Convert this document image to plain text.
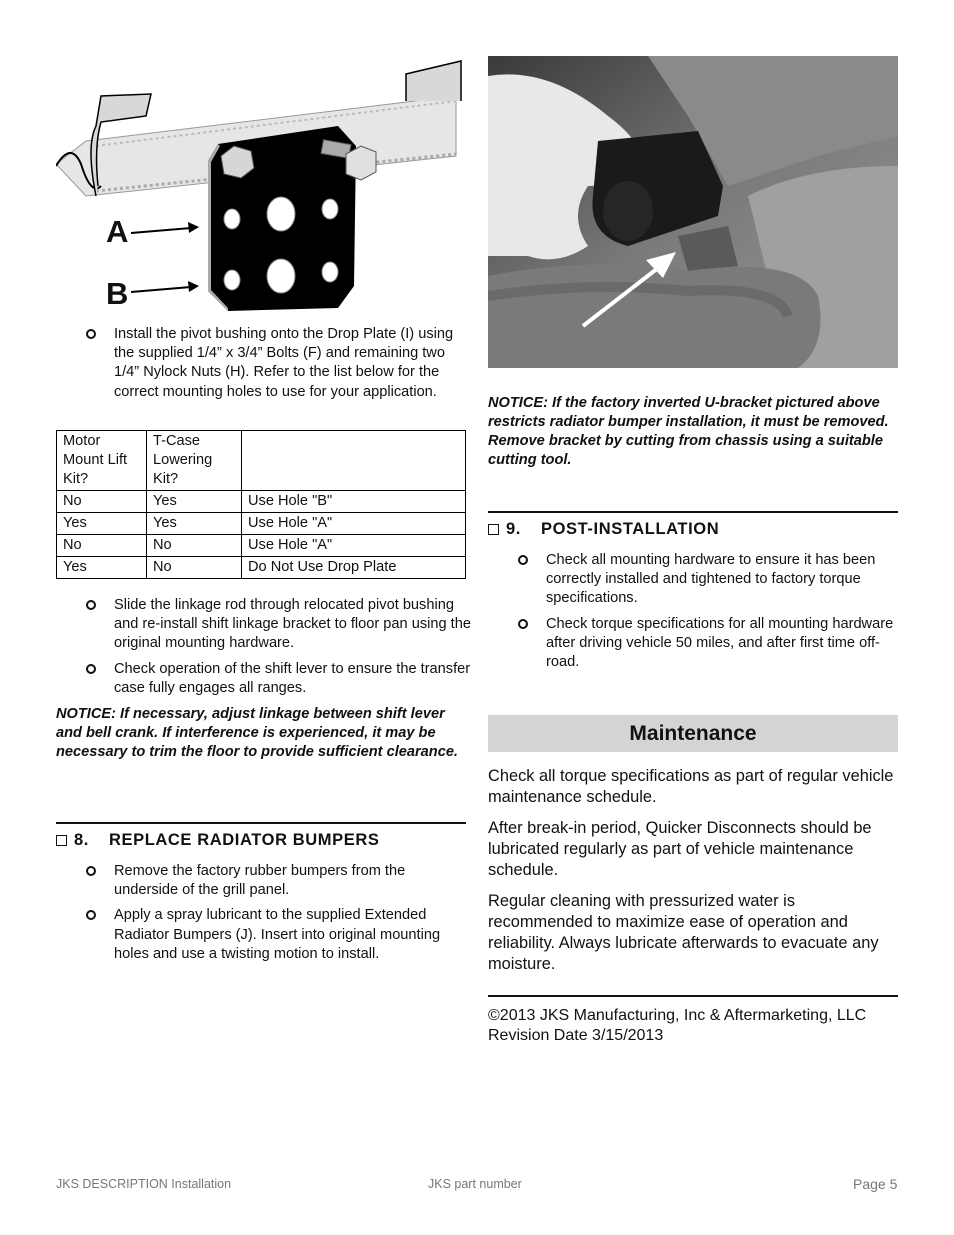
A
B
Install the pivot bushing onto the Drop Plate (I) using the supplied 1/4” x 3/4” Bolts (F) and remaining two 1/4” Nylock Nuts (H). Refer to the list below for the correct mounting holes to use for your application.
Motor Mount Lift Kit?	T-Case Lowering Kit?	
No	Yes	Use Hole "B"
Yes	Yes	Use Hole "A"
No	No	Use Hole "A"
Yes	No	Do Not Use Drop Plate
Slide the linkage rod through relocated pivot bushing and re-install shift linkage bracket to floor pan using the original mounting hardware.
Check operation of the shift lever to ensure the transfer case fully engages all ranges.
NOTICE: If necessary, adjust linkage between shift lever and bell crank. If interference is experienced, it may be necessary to trim the floor to provide sufficient clearance.
8.	REPLACE RADIATOR BUMPERS
Remove the factory rubber bumpers from the underside of the grill panel.
Apply a spray lubricant to the supplied Extended Radiator Bumpers (J). Insert into original mounting holes and use a twisting motion to install.
NOTICE: If the factory inverted U-bracket pictured above restricts radiator bumper installation, it must be removed. Remove bracket by cutting from chassis using a suitable cutting tool.
9.	POST-INSTALLATION
Check all mounting hardware to ensure it has been correctly installed and tightened to factory torque specifications.
Check torque specifications for all mounting hardware after driving vehicle 50 miles, and after first time off-road.
Maintenance

Check all torque specifications as part of regular vehicle maintenance schedule.

After break-in period, Quicker Disconnects should be lubricated regularly as part of vehicle maintenance schedule.

Regular cleaning with pressurized water is recommended to maximize ease of operation and reliability. Always lubricate afterwards to evacuate any moisture.

©2013 JKS Manufacturing, Inc & Aftermarketing, LLC
Revision Date 3/15/2013
JKS DESCRIPTION Installation	JKS part number	Page 5
